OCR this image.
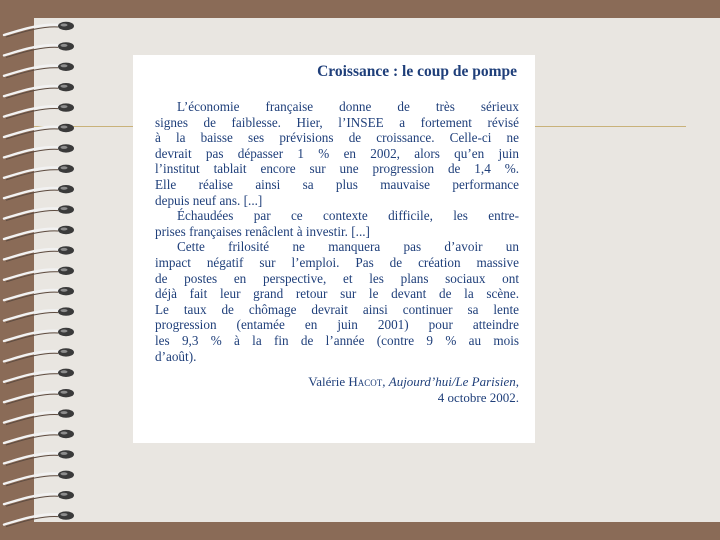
Croissance : le coup de pompe
L’économie française donne de très sérieux
signes de faiblesse. Hier, l’INSEE a fortement révisé
à la baisse ses prévisions de croissance. Celle-ci ne
devrait pas dépasser 1 % en 2002, alors qu’en juin
l’institut tablait encore sur une progression de 1,4 %.
Elle réalise ainsi sa plus mauvaise performance
depuis neuf ans. [...]
Échaudées par ce contexte difficile, les entre-
prises françaises renâclent à investir. [...]
Cette frilosité ne manquera pas d’avoir un
impact négatif sur l’emploi. Pas de création massive
de postes en perspective, et les plans sociaux ont
déjà fait leur grand retour sur le devant de la scène.
Le taux de chômage devrait ainsi continuer sa lente
progression (entamée en juin 2001) pour atteindre
les 9,3 % à la fin de l’année (contre 9 % au mois
d’août).
Valérie Hacot, Aujourd’hui/Le Parisien,
4 octobre 2002.
